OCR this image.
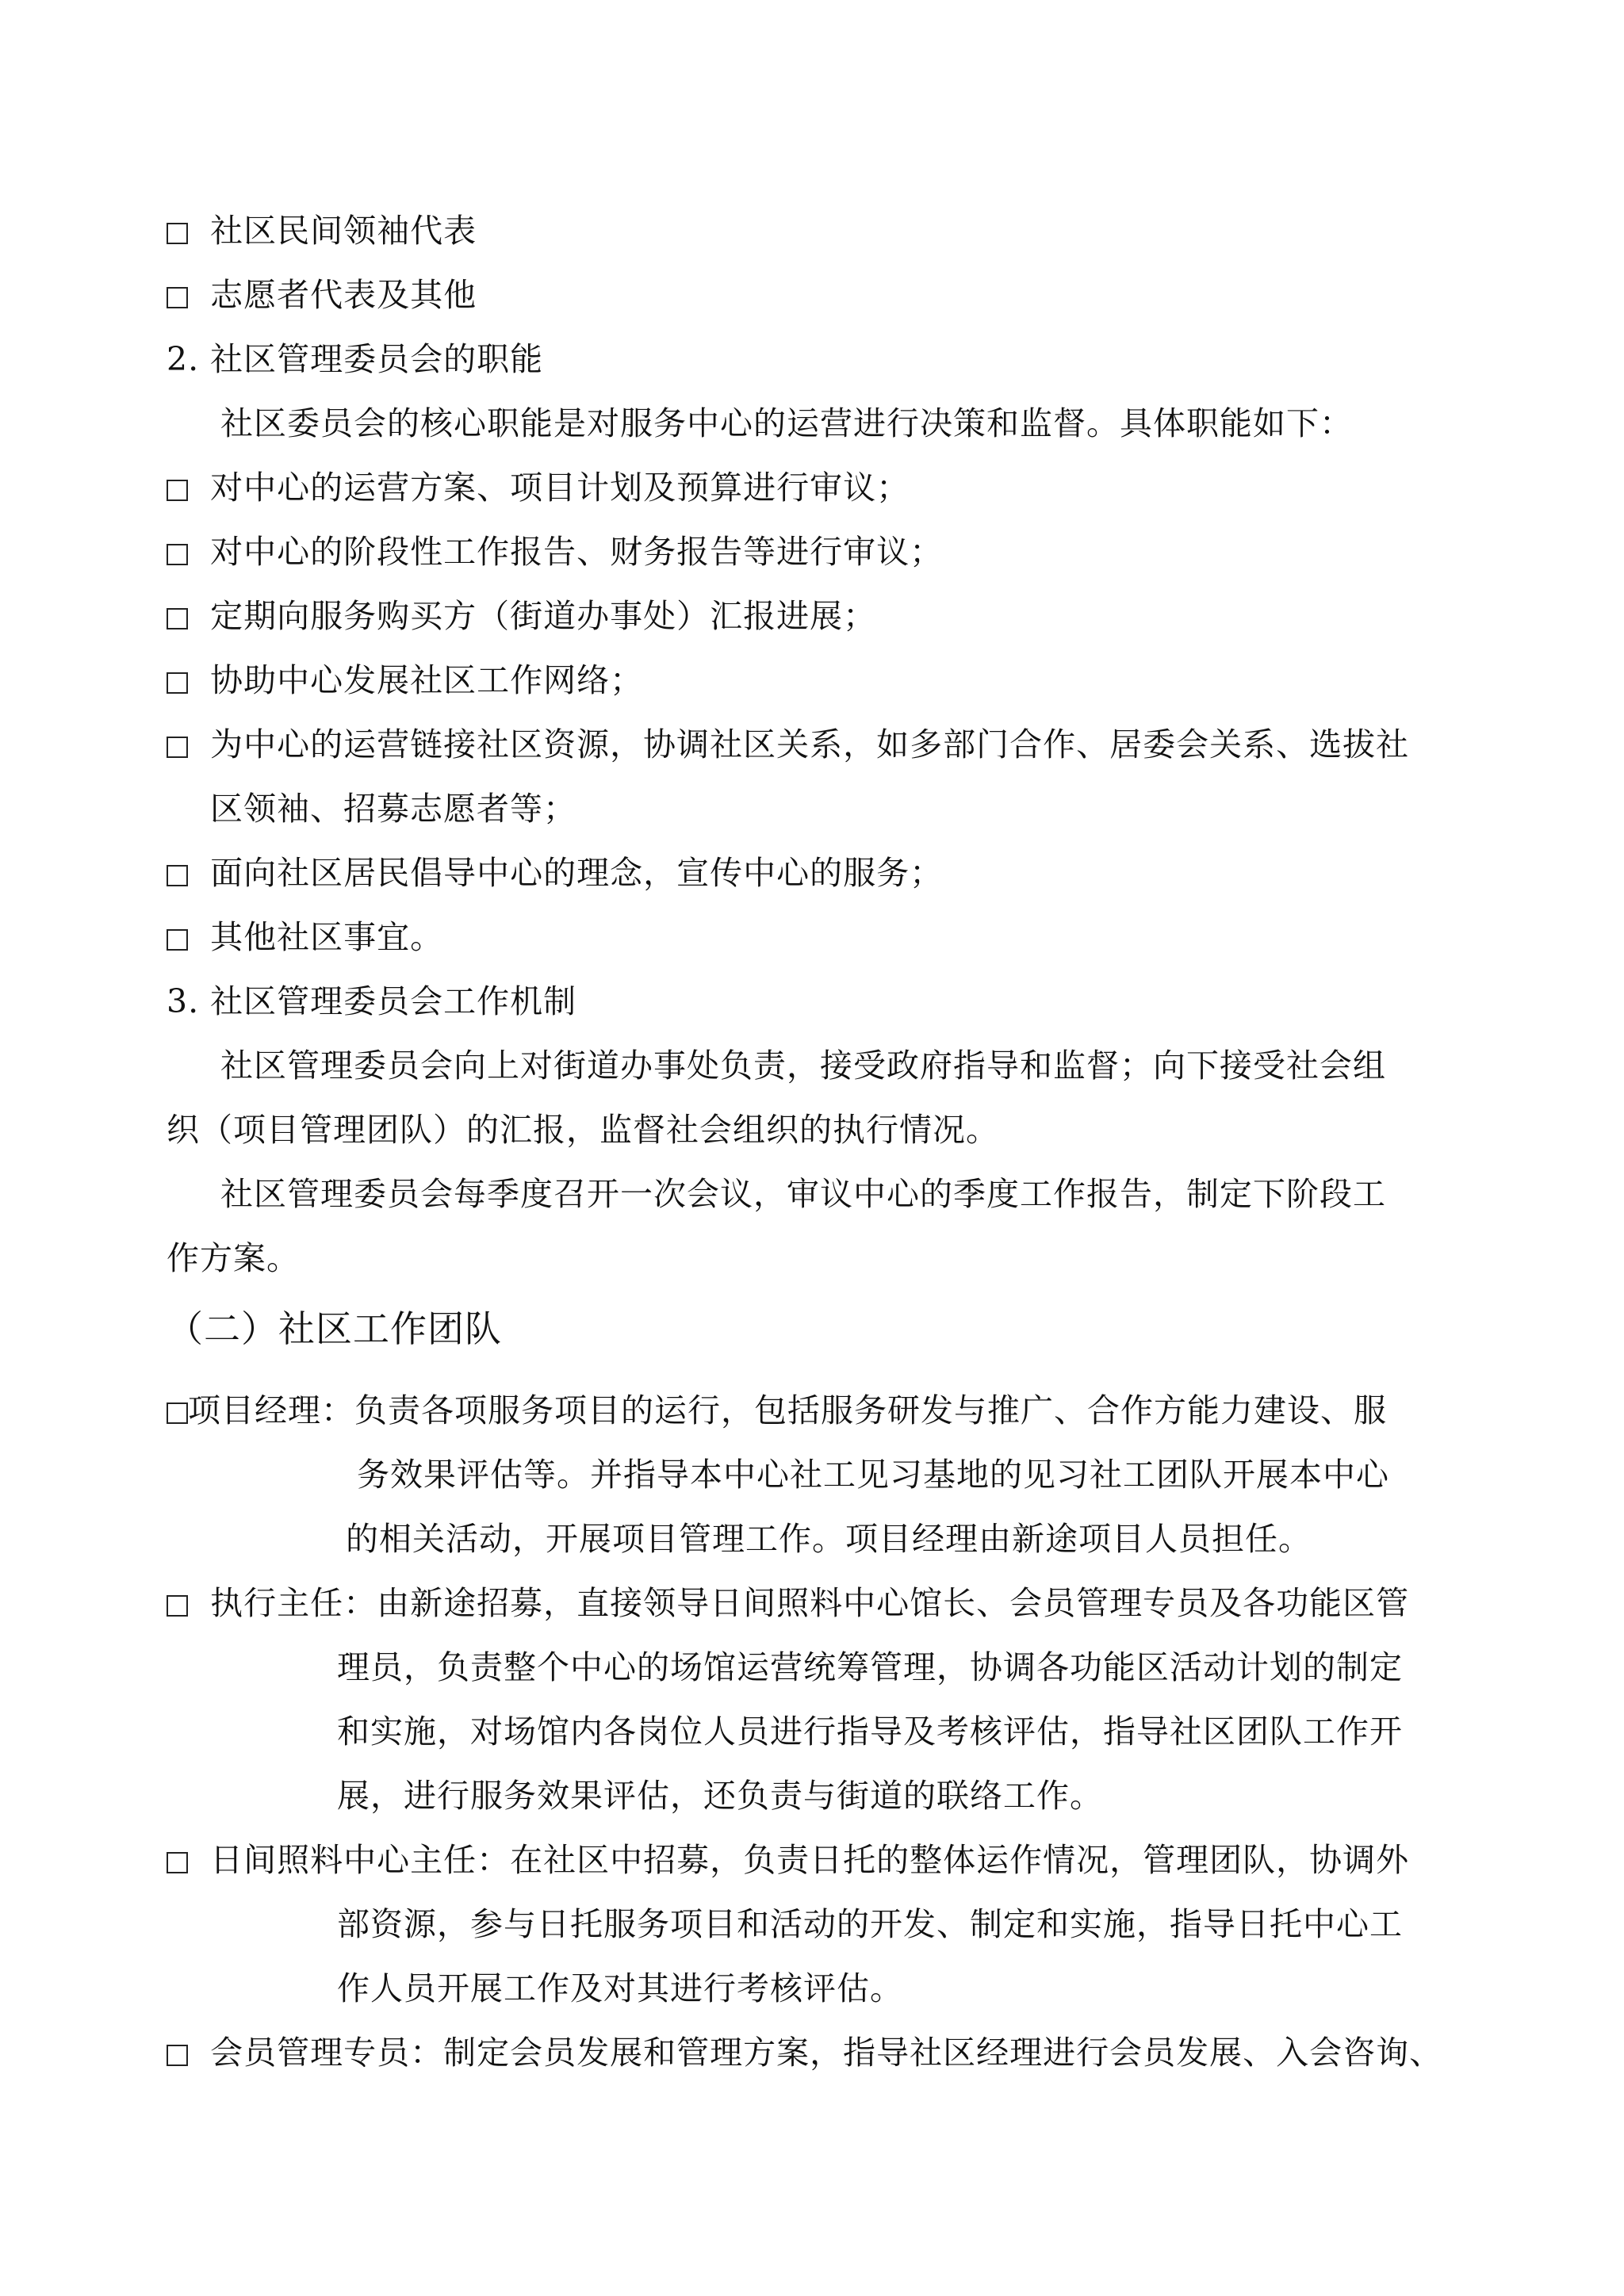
社区民间领袖代表
志愿者代表及其他
2. 社区管理委员会的职能
社区委员会的核心职能是对服务中心的运营进行决策和监督。具体职能如下：
对中心的运营方案、项目计划及预算进行审议；
对中心的阶段性工作报告、财务报告等进行审议；
定期向服务购买方（街道办事处）汇报进展；
协助中心发展社区工作网络；
为中心的运营链接社区资源，协调社区关系，如多部门合作、居委会关系、选拔社
区领袖、招募志愿者等；
面向社区居民倡导中心的理念，宣传中心的服务；
其他社区事宜。
3. 社区管理委员会工作机制
社区管理委员会向上对街道办事处负责，接受政府指导和监督；向下接受社会组
织（项目管理团队）的汇报，监督社会组织的执行情况。
社区管理委员会每季度召开一次会议，审议中心的季度工作报告，制定下阶段工
作方案。
（二）社区工作团队
项目经理：负责各项服务项目的运行，包括服务研发与推广、合作方能力建设、服
务效果评估等。并指导本中心社工见习基地的见习社工团队开展本中心
的相关活动，开展项目管理工作。项目经理由新途项目人员担任。
执行主任：由新途招募，直接领导日间照料中心馆长、会员管理专员及各功能区管
理员，负责整个中心的场馆运营统筹管理，协调各功能区活动计划的制定
和实施，对场馆内各岗位人员进行指导及考核评估，指导社区团队工作开
展，进行服务效果评估，还负责与街道的联络工作。
日间照料中心主任：在社区中招募，负责日托的整体运作情况，管理团队，协调外
部资源，参与日托服务项目和活动的开发、制定和实施，指导日托中心工
作人员开展工作及对其进行考核评估。
会员管理专员：制定会员发展和管理方案，指导社区经理进行会员发展、入会咨询、
